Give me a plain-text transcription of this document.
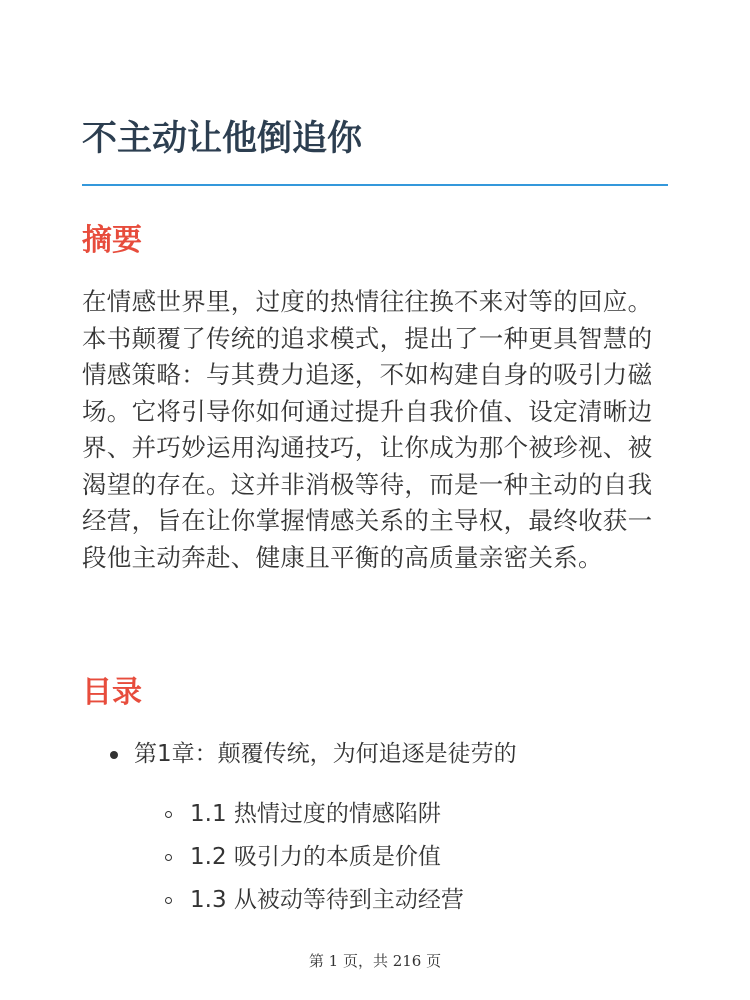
不主动让他倒追你
摘要

在情感世界里，过度的热情往往换不来对等的回应。本书颠覆了传统的追求模式，提出了一种更具智慧的情感策略：与其费力追逐，不如构建自身的吸引力磁场。它将引导你如何通过提升自我价值、设定清晰边界、并巧妙运用沟通技巧，让你成为那个被珍视、被渴望的存在。这并非消极等待，而是一种主动的自我经营，旨在让你掌握情感关系的主导权，最终收获一段他主动奔赴、健康且平衡的高质量亲密关系。

目录
第1章：颠覆传统，为何追逐是徒劳的
1.1 热情过度的情感陷阱
1.2 吸引力的本质是价值
1.3 从被动等待到主动经营
第 1 页，共 216 页
